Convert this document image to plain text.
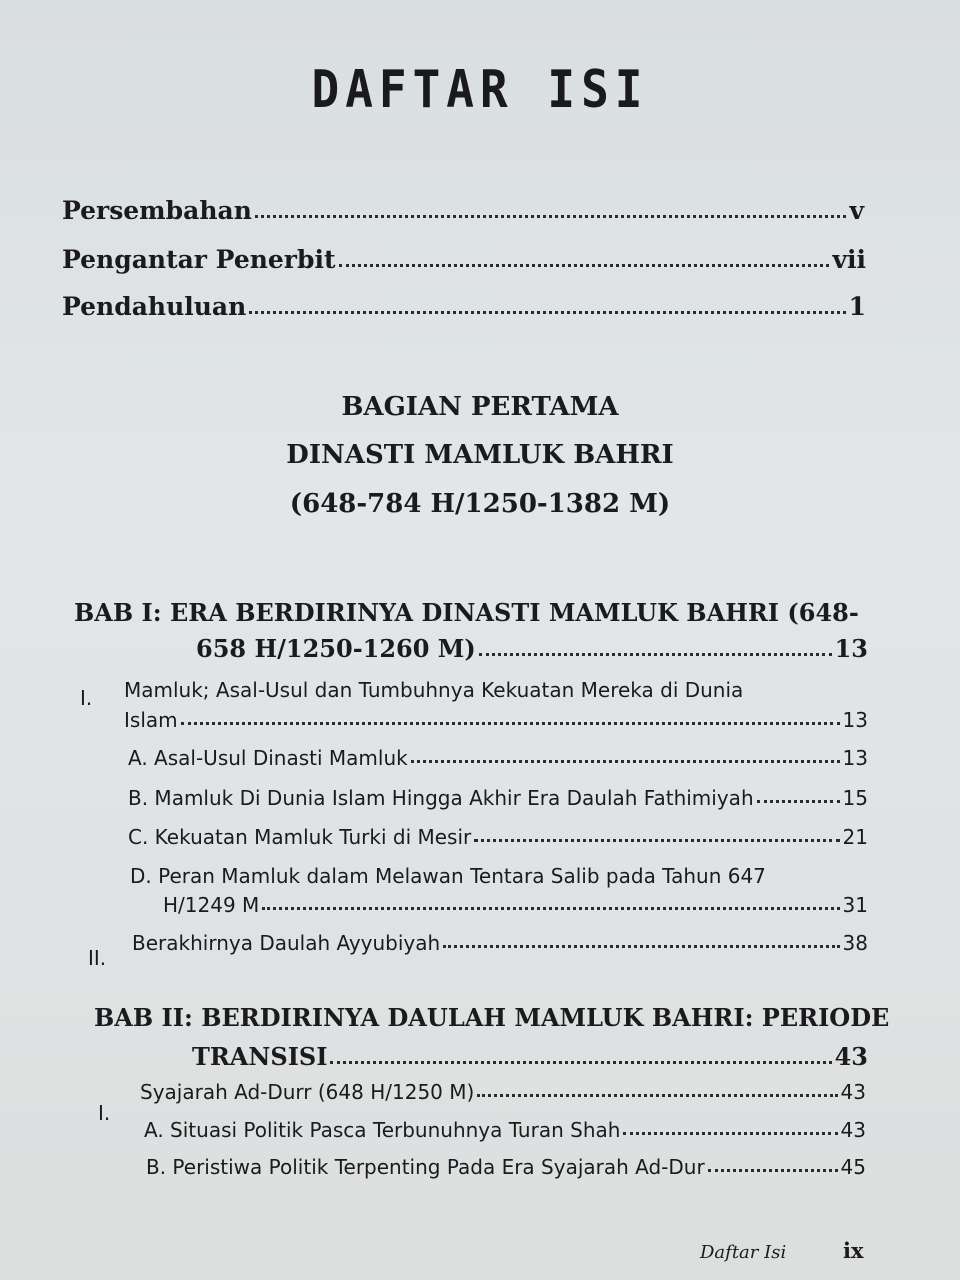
DAFTAR ISI
Persembahan	v
Pengantar Penerbit	vii
Pendahuluan	1
BAGIAN PERTAMA
DINASTI MAMLUK BAHRI
(648-784 H/1250-1382 M)
BAB I: ERA BERDIRINYA DINASTI MAMLUK BAHRI (648-
658 H/1250-1260 M)	13
I. Mamluk; Asal-Usul dan Tumbuhnya Kekuatan Mereka di Dunia
Islam	13
A. Asal-Usul Dinasti Mamluk	13
B. Mamluk Di Dunia Islam Hingga Akhir Era Daulah Fathimiyah	15
C. Kekuatan Mamluk Turki di Mesir	21
D. Peran Mamluk dalam Melawan Tentara Salib pada Tahun 647
H/1249 M	31
II.
Berakhirnya Daulah Ayyubiyah	38
BAB II: BERDIRINYA DAULAH MAMLUK BAHRI: PERIODE
TRANSISI	43
I.
Syajarah Ad-Durr (648 H/1250 M)	43
A. Situasi Politik Pasca Terbunuhnya Turan Shah	43
B. Peristiwa Politik Terpenting Pada Era Syajarah Ad-Dur	45
Daftar Isi	ix
